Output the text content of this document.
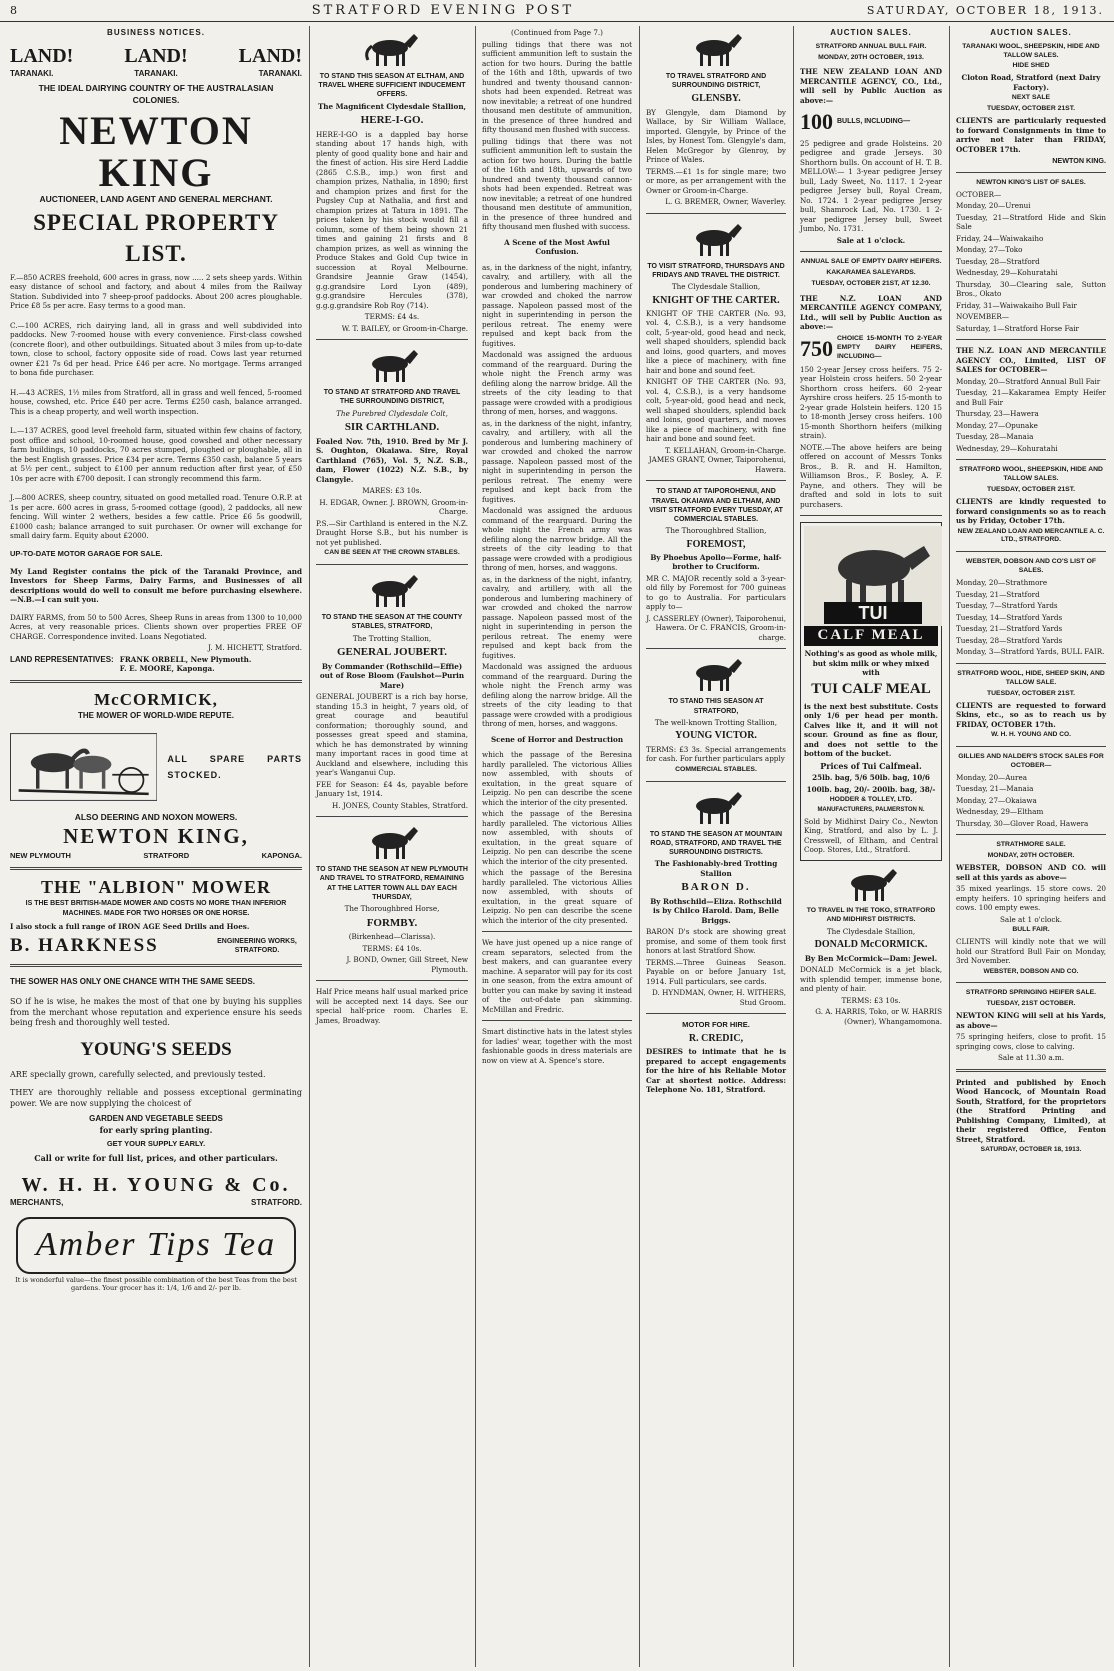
8	STRATFORD EVENING POST	SATURDAY, OCTOBER 18, 1913.
BUSINESS NOTICES.
LAND!	LAND!	LAND!
TARANAKI.	TARANAKI.	TARANAKI.
THE IDEAL DAIRYING COUNTRY OF THE AUSTRALASIAN COLONIES.
NEWTON KING
AUCTIONEER, LAND AGENT AND GENERAL MERCHANT.
SPECIAL PROPERTY LIST.

F.—850 ACRES freehold, 600 acres in grass, now ..... 2 sets sheep yards. Within easy distance of school and factory, and about 4 miles from the Railway Station. Subdivided into 7 sheep-proof paddocks. About 200 acres ploughable. Price £8 5s per acre. Easy terms to a good man.

C.—100 ACRES, rich dairying land, all in grass and well subdivided into paddocks. New 7-roomed house with every convenience. First-class cowshed (concrete floor), and other outbuildings. Situated about 3 miles from up-to-date town, close to school, factory opposite side of road. Cows last year returned owner £21 7s 6d per head. Price £46 per acre. No mortgage. Terms arranged to bona fide purchaser.

H.—43 ACRES, 1½ miles from Stratford, all in grass and well fenced, 5-roomed house, cowshed, etc. Price £40 per acre. Terms £250 cash, balance arranged. This is a cheap property, and well worth inspection.

L.—137 ACRES, good level freehold farm, situated within few chains of factory, post office and school, 10-roomed house, good cowshed and other necessary farm buildings, 10 paddocks, 70 acres stumped, ploughed or ploughable, all in the best English grasses. Price £34 per acre. Terms £350 cash, balance 5 years at 5½ per cent., subject to £100 per annum reduction after first year, of £50 10s per acre with £700 deposit. I can strongly recommend this farm.

J.—800 ACRES, sheep country, situated on good metalled road. Tenure O.R.P. at 1s per acre. 600 acres in grass, 5-roomed cottage (good), 2 paddocks, all new fencing. Will winter 2 wethers, besides a few cattle. Price £6 5s goodwill, £1000 cash; balance arranged to suit purchaser. Or owner will exchange for small dairy farm. Equity about £2000.

UP-TO-DATE MOTOR GARAGE FOR SALE.

My Land Register contains the pick of the Taranaki Province, and Investors for Sheep Farms, Dairy Farms, and Businesses of all descriptions would do well to consult me before purchasing elsewhere.—N.B.—I can suit you.

DAIRY FARMS, from 50 to 500 Acres, Sheep Runs in areas from 1300 to 10,000 Acres, at very reasonable prices. Clients shown over properties FREE OF CHARGE. Correspondence invited. Loans Negotiated.

J. M. HICHETT, Stratford.

LAND REPRESENTATIVES: FRANK ORBELL, New Plymouth.
F. E. MOORE, Kaponga.
McCORMICK,
THE MOWER OF WORLD-WIDE REPUTE.
ALL SPARE PARTS STOCKED.
ALSO DEERING AND NOXON MOWERS.
NEWTON KING,
NEW PLYMOUTH	STRATFORD	KAPONGA.
THE "ALBION" MOWER
IS THE BEST BRITISH-MADE MOWER AND COSTS NO MORE THAN INFERIOR MACHINES. MADE FOR TWO HORSES OR ONE HORSE.

I also stock a full range of IRON AGE Seed Drills and Hoes.

B. HARKNESS	ENGINEERING WORKS, STRATFORD.
THE SOWER HAS ONLY ONE CHANCE WITH THE SAME SEEDS.

SO if he is wise, he makes the most of that one by buying his supplies from the merchant whose reputation and experience ensure his seeds being fresh and thoroughly well tested.

YOUNG'S SEEDS

ARE specially grown, carefully selected, and previously tested.

THEY are thoroughly reliable and possess exceptional germinating power. We are now supplying the choicest of

GARDEN AND VEGETABLE SEEDS
for early spring planting.
GET YOUR SUPPLY EARLY.
Call or write for full list, prices, and other particulars.
W. H. H. YOUNG & Co.
MERCHANTS,	STRATFORD.
Amber Tips Tea

It is wonderful value—the finest possible combination of the best Teas from the best gardens. Your grocer has it: 1/4, 1/6 and 2/- per lb.

TO STAND THIS SEASON AT ELTHAM, AND TRAVEL WHERE SUFFICIENT INDUCEMENT OFFERS.

The Magnificent Clydesdale Stallion,

HERE-I-GO.

HERE-I-GO is a dappled bay horse standing about 17 hands high, with plenty of good quality bone and hair and the finest of action. His sire Herd Laddie (2865 C.S.B., imp.) won first and champion prizes, Nathalia, in 1890; first and champion prizes and first for the Pugsley Cup at Nathalia, and first and champion prizes at Tatura in 1891. The prices taken by his stock would fill a column, some of them being shown 21 times and gaining 21 firsts and 8 champion prizes, as well as winning the Produce Stakes and Gold Cup twice in succession at Royal Melbourne. Grandsire Jeannie Graw (1454), g.g.grandsire Lord Lyon (489), g.g.grandsire Hercules (378), g.g.g.grandsire Rob Roy (714).

TERMS: £4 4s.

W. T. BAILEY, or Groom-in-Charge.

TO STAND AT STRATFORD AND TRAVEL THE SURROUNDING DISTRICT,

The Purebred Clydesdale Colt,

SIR CARTHLAND.

Foaled Nov. 7th, 1910. Bred by Mr J. S. Oughton, Okaiawa. Sire, Royal Carthland (765), Vol. 5, N.Z. S.B., dam, Flower (1022) N.Z. S.B., by Clangyle.

MARES: £3 10s.

H. EDGAR, Owner. J. BROWN, Groom-in-Charge.

P.S.—Sir Carthland is entered in the N.Z. Draught Horse S.B., but his number is not yet published.

CAN BE SEEN AT THE CROWN STABLES.

TO STAND THE SEASON AT THE COUNTY STABLES, STRATFORD,

The Trotting Stallion,

GENERAL JOUBERT.

By Commander (Rothschild—Effie) out of Rose Bloom (Faulshot—Purin Mare)

GENERAL JOUBERT is a rich bay horse, standing 15.3 in height, 7 years old, of great courage and beautiful conformation; thoroughly sound, and possesses great speed and stamina, which he has demonstrated by winning many important races in good time at Auckland and elsewhere, including this year's Wanganui Cup.

FEE for Season: £4 4s, payable before January 1st, 1914.

H. JONES, County Stables, Stratford.

TO STAND THE SEASON AT NEW PLYMOUTH AND TRAVEL TO STRATFORD, REMAINING AT THE LATTER TOWN ALL DAY EACH THURSDAY,

The Thoroughbred Horse,

FORMBY.

(Birkenhead—Clarissa).

TERMS: £4 10s.

J. BOND, Owner, Gill Street, New Plymouth.

Half Price means half usual marked price will be accepted next 14 days. See our special half-price room. Charles E. James, Broadway.

(Continued from Page 7.)

pulling tidings that there was not sufficient ammunition left to sustain the action for two hours. During the battle of the 16th and 18th, upwards of two hundred and twenty thousand cannon-shots had been expended. Retreat was now inevitable; a retreat of one hundred thousand men destitute of ammunition, in the presence of three hundred and fifty thousand men flushed with success.

pulling tidings that there was not sufficient ammunition left to sustain the action for two hours. During the battle of the 16th and 18th, upwards of two hundred and twenty thousand cannon-shots had been expended. Retreat was now inevitable; a retreat of one hundred thousand men destitute of ammunition, in the presence of three hundred and fifty thousand men flushed with success.

A Scene of the Most Awful Confusion.

as, in the darkness of the night, infantry, cavalry, and artillery, with all the ponderous and lumbering machinery of war crowded and choked the narrow passage. Napoleon passed most of the night in superintending in person the perilous retreat. The enemy were repulsed and kept back from the fugitives.

Macdonald was assigned the arduous command of the rearguard. During the whole night the French army was defiling along the narrow bridge. All the streets of the city leading to that passage were crowded with a prodigious throng of men, horses, and waggons.

as, in the darkness of the night, infantry, cavalry, and artillery, with all the ponderous and lumbering machinery of war crowded and choked the narrow passage. Napoleon passed most of the night in superintending in person the perilous retreat. The enemy were repulsed and kept back from the fugitives.

Macdonald was assigned the arduous command of the rearguard. During the whole night the French army was defiling along the narrow bridge. All the streets of the city leading to that passage were crowded with a prodigious throng of men, horses, and waggons.

as, in the darkness of the night, infantry, cavalry, and artillery, with all the ponderous and lumbering machinery of war crowded and choked the narrow passage. Napoleon passed most of the night in superintending in person the perilous retreat. The enemy were repulsed and kept back from the fugitives.

Macdonald was assigned the arduous command of the rearguard. During the whole night the French army was defiling along the narrow bridge. All the streets of the city leading to that passage were crowded with a prodigious throng of men, horses, and waggons.

Scene of Horror and Destruction

which the passage of the Beresina hardly paralleled. The victorious Allies now assembled, with shouts of exultation, in the great square of Leipzig. No pen can describe the scene which the interior of the city presented.

which the passage of the Beresina hardly paralleled. The victorious Allies now assembled, with shouts of exultation, in the great square of Leipzig. No pen can describe the scene which the interior of the city presented.

which the passage of the Beresina hardly paralleled. The victorious Allies now assembled, with shouts of exultation, in the great square of Leipzig. No pen can describe the scene which the interior of the city presented.

We have just opened up a nice range of cream separators, selected from the best makers, and can guarantee every machine. A separator will pay for its cost in one season, from the extra amount of butter you can make by saving it instead of the out-of-date pan skimming. McMillan and Fredric.

Smart distinctive hats in the latest styles for ladies' wear, together with the most fashionable goods in dress materials are now on view at A. Spence's store.

TO TRAVEL STRATFORD AND SURROUNDING DISTRICT,

GLENSBY.

BY Glengyle, dam Diamond by Wallace, by Sir William Wallace, imported. Glengyle, by Prince of the Isles, by Honest Tom. Glengyle's dam, Helen McGregor by Glenroy, by Prince of Wales.

TERMS.—£1 1s for single mare; two or more, as per arrangement with the Owner or Groom-in-Charge.

L. G. BREMER, Owner, Waverley.

TO VISIT STRATFORD, THURSDAYS AND FRIDAYS AND TRAVEL THE DISTRICT.

The Clydesdale Stallion,

KNIGHT OF THE CARTER.

KNIGHT OF THE CARTER (No. 93, vol. 4, C.S.B.), is a very handsome colt, 5-year-old, good head and neck, well shaped shoulders, splendid back and loins, good quarters, and moves like a piece of machinery, with fine hair and bone and sound feet.

KNIGHT OF THE CARTER (No. 93, vol. 4, C.S.B.), is a very handsome colt, 5-year-old, good head and neck, well shaped shoulders, splendid back and loins, good quarters, and moves like a piece of machinery, with fine hair and bone and sound feet.

T. KELLAHAN, Groom-in-Charge. JAMES GRANT, Owner, Taiporohenui, Hawera.

TO STAND AT TAIPOROHENUI, AND TRAVEL OKAIAWA AND ELTHAM, AND VISIT STRATFORD EVERY TUESDAY, AT COMMERCIAL STABLES.

The Thoroughbred Stallion,

FOREMOST,

By Phoebus Apollo—Forme, half-brother to Cruciform.

MR C. MAJOR recently sold a 3-year-old filly by Foremost for 700 guineas to go to Australia. For particulars apply to—

J. CASSERLEY (Owner), Taiporohenui, Hawera. Or C. FRANCIS, Groom-in-charge.

TO STAND THIS SEASON AT STRATFORD,

The well-known Trotting Stallion,

YOUNG VICTOR.

TERMS: £3 3s. Special arrangements for cash. For further particulars apply

COMMERCIAL STABLES.

TO STAND THE SEASON AT MOUNTAIN ROAD, STRATFORD, AND TRAVEL THE SURROUNDING DISTRICTS.

The Fashionably-bred Trotting Stallion

BARON D.

By Rothschild—Eliza. Rothschild is by Chilco Harold. Dam, Belle Briggs.

BARON D's stock are showing great promise, and some of them took first honors at last Stratford Show.

TERMS.—Three Guineas Season. Payable on or before January 1st, 1914. Full particulars, see cards.

D. HYNDMAN, Owner, H. WITHERS, Stud Groom.

MOTOR FOR HIRE.

R. CREDIC,

DESIRES to intimate that he is prepared to accept engagements for the hire of his Reliable Motor Car at shortest notice. Address: Telephone No. 181, Stratford.

AUCTION SALES.

STRATFORD ANNUAL BULL FAIR.

MONDAY, 20TH OCTOBER, 1913.

THE NEW ZEALAND LOAN AND MERCANTILE AGENCY, CO., Ltd., will sell by Public Auction as above:—

100 BULLS, INCLUDING—

25 pedigree and grade Holsteins. 20 pedigree and grade Jerseys. 30 Shorthorn bulls. On account of H. T. B. MELLOW:— 1 3-year pedigree Jersey bull, Lady Sweet, No. 1117. 1 2-year pedigree Jersey bull, Royal Cream, No. 1724. 1 2-year pedigree Jersey bull, Shamrock Lad, No. 1730. 1 2-year pedigree Jersey bull, Sweet Jumbo, No. 1731.

Sale at 1 o'clock.

ANNUAL SALE OF EMPTY DAIRY HEIFERS.

KAKARAMEA SALEYARDS.

TUESDAY, OCTOBER 21ST, AT 12.30.

THE N.Z. LOAN AND MERCANTILE AGENCY COMPANY, Ltd., will sell by Public Auction as above:—

750 CHOICE 15-MONTH TO 2-YEAR EMPTY DAIRY HEIFERS, INCLUDING—

150 2-year Jersey cross heifers. 75 2-year Holstein cross heifers. 50 2-year Shorthorn cross heifers. 60 2-year Ayrshire cross heifers. 25 15-month to 2-year grade Holstein heifers. 120 15 to 18-month Jersey cross heifers. 100 15-month Shorthorn heifers (milking strain).

NOTE.—The above heifers are being offered on account of Messrs Tonks Bros., B. R. and H. Hamilton, Williamson Bros., F. Bosley, A. F. Payne, and others. They will be drafted and sold in lots to suit purchasers.

TUI
CALF MEAL

Nothing's as good as whole milk, but skim milk or whey mixed with

TUI CALF MEAL

is the next best substitute. Costs only 1/6 per head per month. Calves like it, and it will not scour. Ground as fine as flour, and does not settle to the bottom of the bucket.

Prices of Tui Calfmeal.

25lb. bag, 5/6 50lb. bag, 10/6

100lb. bag, 20/- 200lb. bag, 38/-

HODDER & TOLLEY, LTD.

MANUFACTURERS, PALMERSTON N.

Sold by Midhirst Dairy Co., Newton King, Stratford, and also by L. J. Cresswell, of Eltham, and Central Coop. Stores, Ltd., Stratford.

TO TRAVEL IN THE TOKO, STRATFORD AND MIDHIRST DISTRICTS.

The Clydesdale Stallion,

DONALD McCORMICK.

By Ben McCormick—Dam: Jewel.

DONALD McCormick is a jet black, with splendid temper, immense bone, and plenty of hair.

TERMS: £3 10s.

G. A. HARRIS, Toko, or W. HARRIS (Owner), Whangamomona.

AUCTION SALES.

TARANAKI WOOL, SHEEPSKIN, HIDE AND TALLOW SALES.

HIDE SHED

Cloton Road, Stratford (next Dairy Factory).

NEXT SALE

TUESDAY, OCTOBER 21ST.

CLIENTS are particularly requested to forward Consignments in time to arrive not later than FRIDAY, OCTOBER 17th.

NEWTON KING.

NEWTON KING'S LIST OF SALES.

OCTOBER—

Monday, 20—Urenui

Tuesday, 21—Stratford Hide and Skin Sale

Friday, 24—Waiwakaiho

Monday, 27—Toko

Tuesday, 28—Stratford

Wednesday, 29—Kohuratahi

Thursday, 30—Clearing sale, Sutton Bros., Okato

Friday, 31—Waiwakaiho Bull Fair

NOVEMBER—

Saturday, 1—Stratford Horse Fair

THE N.Z. LOAN AND MERCANTILE AGENCY CO., Limited, LIST OF SALES for OCTOBER—

Monday, 20—Stratford Annual Bull Fair

Tuesday, 21—Kakaramea Empty Heifer and Bull Fair

Thursday, 23—Hawera

Monday, 27—Opunake

Tuesday, 28—Manaia

Wednesday, 29—Kohuratahi

STRATFORD WOOL, SHEEPSKIN, HIDE AND TALLOW SALES.

TUESDAY, OCTOBER 21ST.

CLIENTS are kindly requested to forward consignments so as to reach us by Friday, October 17th.

NEW ZEALAND LOAN AND MERCANTILE A. C. LTD., STRATFORD.

WEBSTER, DOBSON AND CO'S LIST OF SALES.

Monday, 20—Strathmore

Tuesday, 21—Stratford

Tuesday, 7—Stratford Yards

Tuesday, 14—Stratford Yards

Tuesday, 21—Stratford Yards

Tuesday, 28—Stratford Yards

Monday, 3—Stratford Yards, BULL FAIR.

STRATFORD WOOL, HIDE, SHEEP SKIN, AND TALLOW SALE.

TUESDAY, OCTOBER 21ST.

CLIENTS are requested to forward Skins, etc., so as to reach us by FRIDAY, OCTOBER 17th.

W. H. H. YOUNG AND CO.

GILLIES AND NALDER'S STOCK SALES FOR OCTOBER—

Monday, 20—Aurea

Tuesday, 21—Manaia

Monday, 27—Okaiawa

Wednesday, 29—Eltham

Thursday, 30—Glover Road, Hawera

STRATHMORE SALE.

MONDAY, 20TH OCTOBER.

WEBSTER, DOBSON AND CO. will sell at this yards as above—

35 mixed yearlings. 15 store cows. 20 empty heifers. 10 springing heifers and cows. 100 empty ewes.

Sale at 1 o'clock.

BULL FAIR.

CLIENTS will kindly note that we will hold our Stratford Bull Fair on Monday, 3rd November.

WEBSTER, DOBSON AND CO.

STRATFORD SPRINGING HEIFER SALE.

TUESDAY, 21ST OCTOBER.

NEWTON KING will sell at his Yards, as above—

75 springing heifers, close to profit. 15 springing cows, close to calving.

Sale at 11.30 a.m.

Printed and published by Enoch Wood Hancock, of Mountain Road South, Stratford, for the proprietors (the Stratford Printing and Publishing Company, Limited), at their registered Office, Fenton Street, Stratford.

SATURDAY, OCTOBER 18, 1913.
